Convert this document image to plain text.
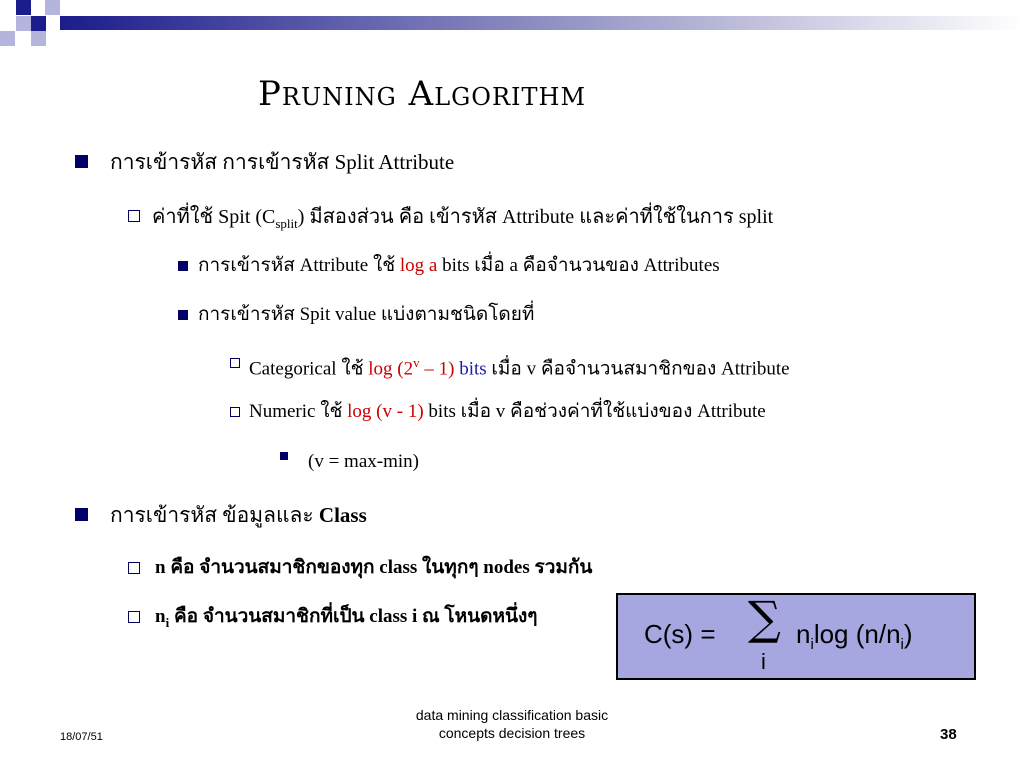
Pruning Algorithm
การเข้ารหัส การเข้ารหัส Split Attribute
ค่าที่ใช้ Spit $(C_{split})$ มีสองส่วน คือ เข้ารหัส Attribute และค่าที่ใช้ในการ split
การเข้ารหัส Attribute ใช้ log a bits เมื่อ a คือจำนวนของ Attributes
การเข้ารหัส Spit value แบ่งตามชนิดโดยที่
Categorical ใช้ log (2$^v$ – 1) bits เมื่อ v คือจำนวนสมาชิกของ Attribute
Numeric ใช้ log (v - 1) bits เมื่อ v คือช่วงค่าที่ใช้แบ่งของ Attribute
(v = max-min)
การเข้ารหัส ข้อมูลและ Class
n คือ จำนวนสมาชิกของทุก class ในทุกๆ nodes รวมกัน
$n_i$ คือ จำนวนสมาชิกที่เป็น class i ณ โหนดหนึ่งๆ
C(s) = ∑
i
$n_i\log$ $(n/n_i)$
18/07/51
data mining classification basic
concepts decision trees	38
